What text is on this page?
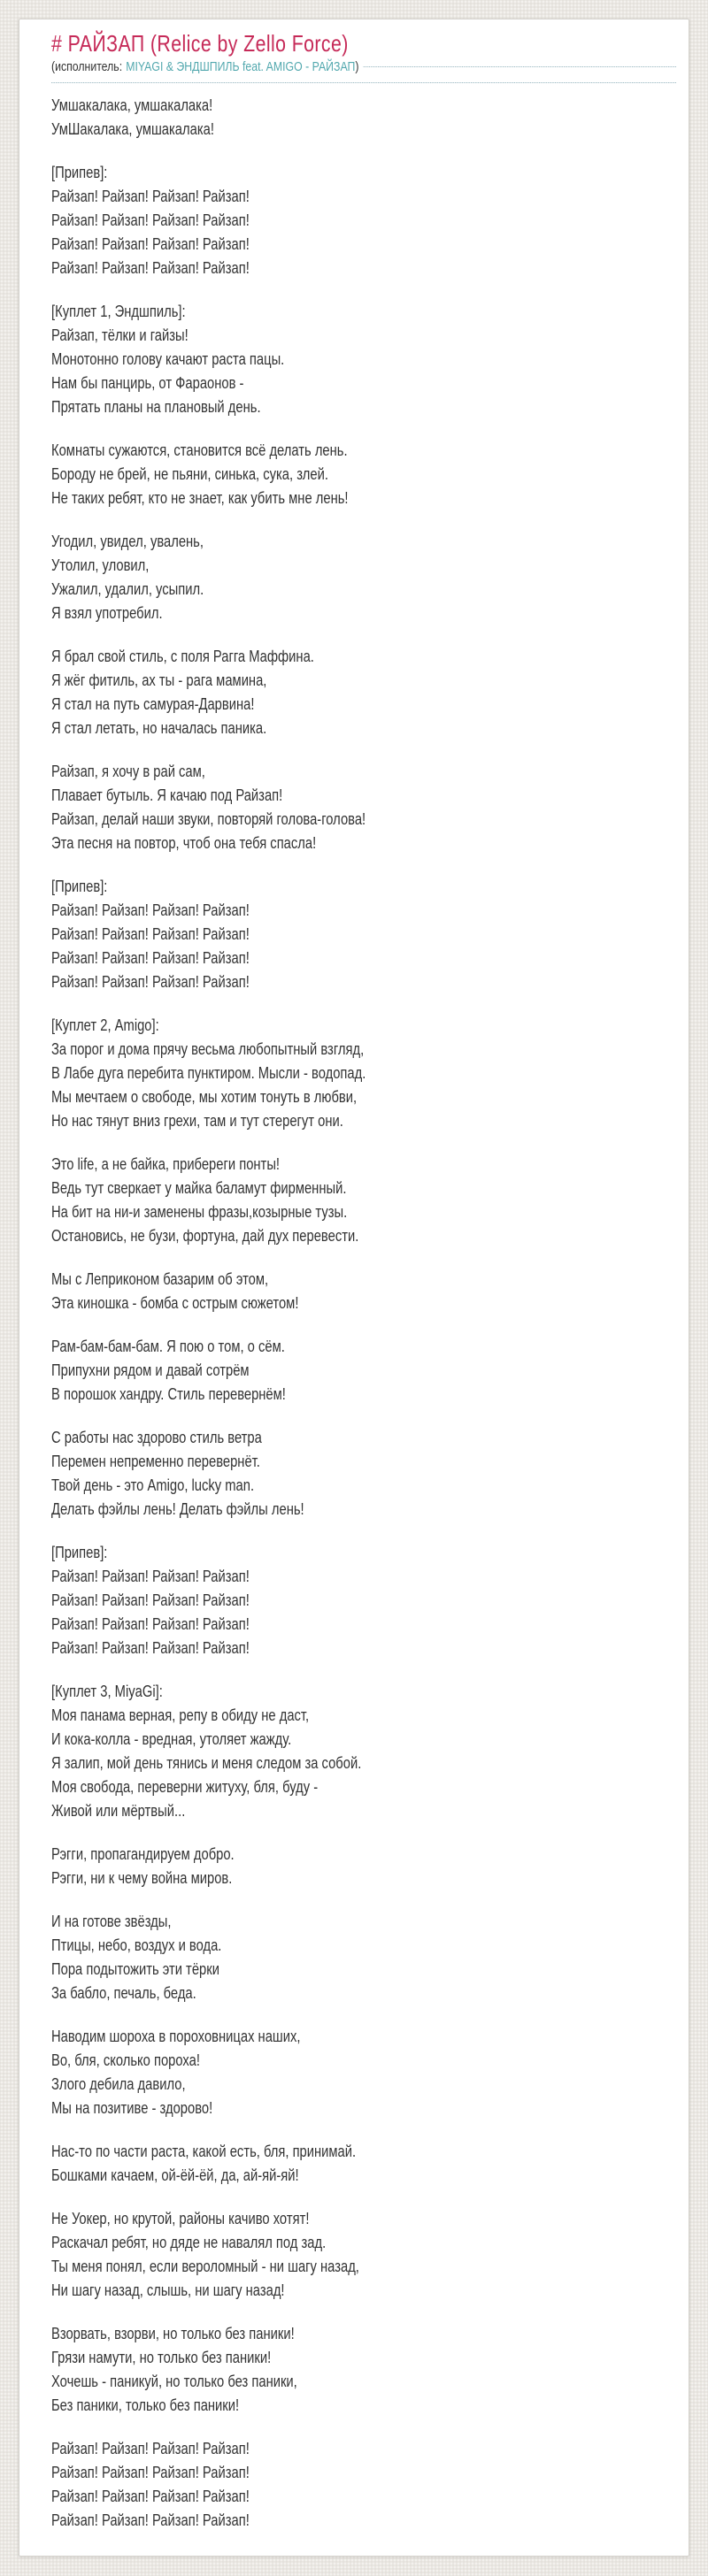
# РАЙЗАП (Relice by Zello Force)
(исполнитель: MIYAGI & ЭНДШПИЛЬ feat. AMIGO - РАЙЗАП )
Умшакалака, умшакалака!
УмШакалака, умшакалака!
[Припев]:
Райзап! Райзап! Райзап! Райзап!
Райзап! Райзап! Райзап! Райзап!
Райзап! Райзап! Райзап! Райзап!
Райзап! Райзап! Райзап! Райзап!
[Куплет 1, Эндшпиль]:
Райзап, тёлки и гайзы!
Монотонно голову качают раста пацы.
Нам бы панцирь, от Фараонов -
Прятать планы на плановый день.
Комнаты сужаются, становится всё делать лень.
Бороду не брей, не пьяни, синька, сука, злей.
Не таких ребят, кто не знает, как убить мне лень!
Угодил, увидел, увалень,
Утолил, уловил,
Ужалил, удалил, усыпил.
Я взял употребил.
Я брал свой стиль, с поля Рагга Маффина.
Я жёг фитиль, ах ты - рага мамина,
Я стал на путь самурая-Дарвина!
Я стал летать, но началась паника.
Райзап, я хочу в рай сам,
Плавает бутыль. Я качаю под Райзап!
Райзап, делай наши звуки, повторяй голова-голова!
Эта песня на повтор, чтоб она тебя спасла!
[Припев]:
Райзап! Райзап! Райзап! Райзап!
Райзап! Райзап! Райзап! Райзап!
Райзап! Райзап! Райзап! Райзап!
Райзап! Райзап! Райзап! Райзап!
[Куплет 2, Amigo]:
За порог и дома прячу весьма любопытный взгляд,
В Лабе дуга перебита пунктиром. Мысли - водопад.
Мы мечтаем о свободе, мы хотим тонуть в любви,
Но нас тянут вниз грехи, там и тут стерегут они.
Это life, а не байка, прибереги понты!
Ведь тут сверкает у майка баламут фирменный.
На бит на ни-и заменены фразы,козырные тузы.
Остановись, не бузи, фортуна, дай дух перевести.
Мы с Леприконом базарим об этом,
Эта киношка - бомба с острым сюжетом!
Рам-бам-бам-бам. Я пою о том, о сём.
Припухни рядом и давай сотрём
В порошок хандру. Стиль перевернём!
С работы нас здорово стиль ветра
Перемен непременно перевернёт.
Твой день - это Amigo, lucky man.
Делать фэйлы лень! Делать фэйлы лень!
[Припев]:
Райзап! Райзап! Райзап! Райзап!
Райзап! Райзап! Райзап! Райзап!
Райзап! Райзап! Райзап! Райзап!
Райзап! Райзап! Райзап! Райзап!
[Куплет 3, MiyaGi]:
Моя панама верная, репу в обиду не даст,
И кока-колла - вредная, утоляет жажду.
Я залип, мой день тянись и меня следом за собой.
Моя свобода, переверни житуху, бля, буду -
Живой или мёртвый...
Рэгги, пропагандируем добро.
Рэгги, ни к чему война миров.
И на готове звёзды,
Птицы, небо, воздух и вода.
Пора подытожить эти тёрки
За бабло, печаль, беда.
Наводим шороха в пороховницах наших,
Во, бля, сколько пороха!
Злого дебила давило,
Мы на позитиве - здорово!
Нас-то по части раста, какой есть, бля, принимай.
Бошками качаем, ой-ёй-ёй, да, ай-яй-яй!
Не Уокер, но крутой, районы качиво хотят!
Раскачал ребят, но дяде не навалял под зад.
Ты меня понял, если вероломный - ни шагу назад,
Ни шагу назад, слышь, ни шагу назад!
Взорвать, взорви, но только без паники!
Грязи намути, но только без паники!
Хочешь - паникуй, но только без паники,
Без паники, только без паники!
Райзап! Райзап! Райзап! Райзап!
Райзап! Райзап! Райзап! Райзап!
Райзап! Райзап! Райзап! Райзап!
Райзап! Райзап! Райзап! Райзап!
